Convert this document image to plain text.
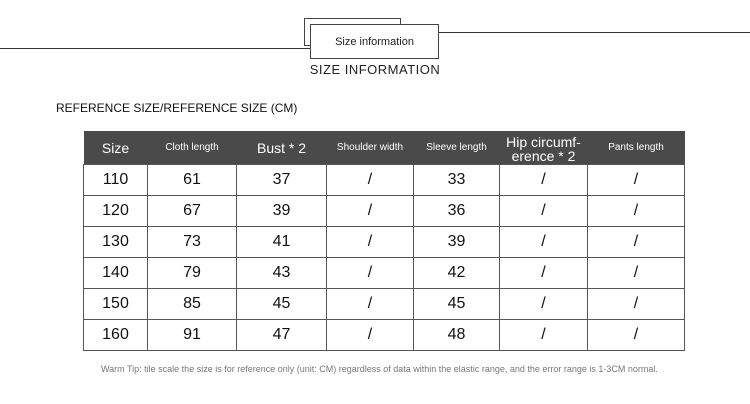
Size information
SIZE INFORMATION
REFERENCE SIZE/REFERENCE SIZE (CM)
Size	Cloth length	Bust * 2	Shoulder width	Sleeve length	Hip circumf-erence * 2	Pants length
110	61	37	/	33	/	/
120	67	39	/	36	/	/
130	73	41	/	39	/	/
140	79	43	/	42	/	/
150	85	45	/	45	/	/
160	91	47	/	48	/	/
Warm Tip: tile scale the size is for reference only (unit: CM) regardless of data within the elastic range, and the error range is 1-3CM normal.
